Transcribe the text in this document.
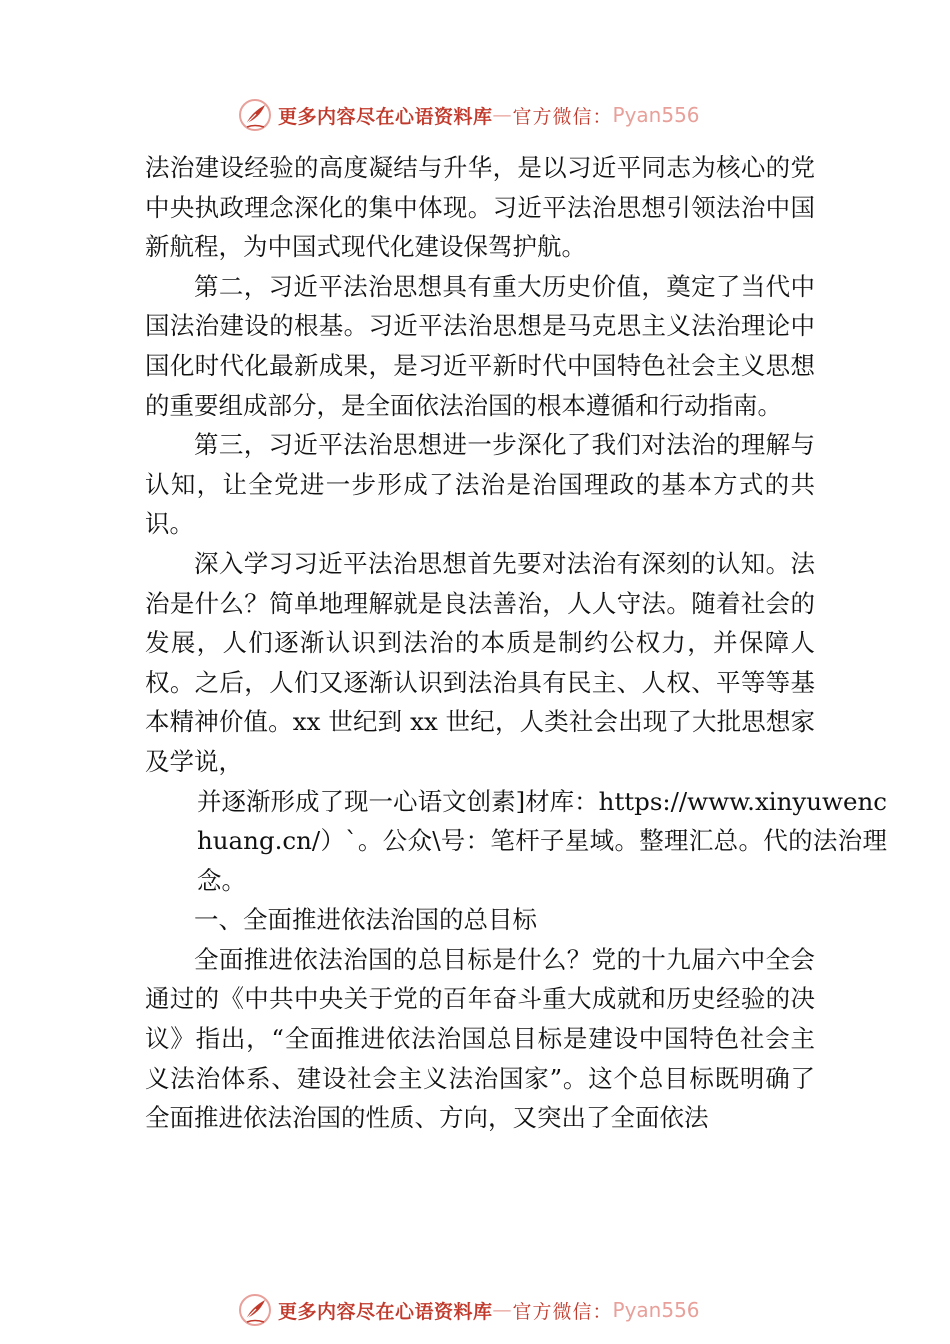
更多内容尽在心语资料库 — 官方微信： Pyan556

法治建设经验的高度凝结与升华，是以习近平同志为核心的党中央执政理念深化的集中体现。习近平法治思想引领法治中国新航程，为中国式现代化建设保驾护航。

第二，习近平法治思想具有重大历史价值，奠定了当代中国法治建设的根基。习近平法治思想是马克思主义法治理论中国化时代化最新成果，是习近平新时代中国特色社会主义思想的重要组成部分，是全面依法治国的根本遵循和行动指南。

第三，习近平法治思想进一步深化了我们对法治的理解与认知，让全党进一步形成了法治是治国理政的基本方式的共识。

深入学习习近平法治思想首先要对法治有深刻的认知。法治是什么？简单地理解就是良法善治，人人守法。随着社会的发展，人们逐渐认识到法治的本质是制约公权力，并保障人权。之后，人们又逐渐认识到法治具有民主、人权、平等等基本精神价值。xx 世纪到 xx 世纪，人类社会出现了大批思想家及学说，

并逐渐形成了现一心语文创素]材库：https://www.xinyuwenchuang.cn/）`。公众\号：笔杆子星域。整理汇总。代的法治理念。

一、全面推进依法治国的总目标

全面推进依法治国的总目标是什么？党的十九届六中全会通过的《中共中央关于党的百年奋斗重大成就和历史经验的决议》指出，“全面推进依法治国总目标是建设中国特色社会主义法治体系、建设社会主义法治国家”。这个总目标既明确了全面推进依法治国的性质、方向，又突出了全面依法

更多内容尽在心语资料库 — 官方微信： Pyan556
